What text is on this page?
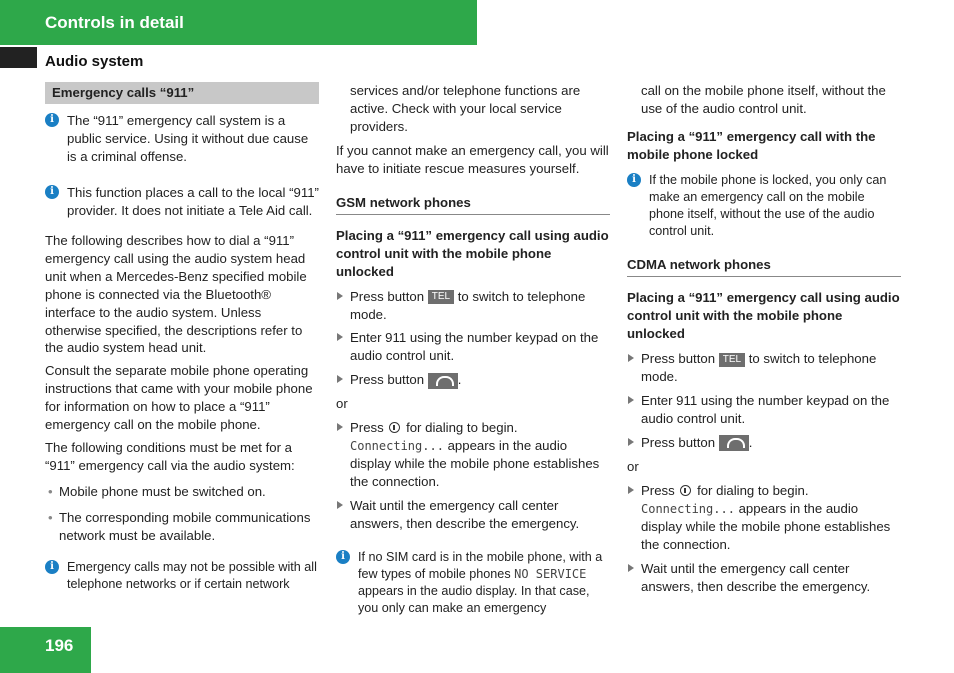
Controls in detail
Audio system
Emergency calls “911”
i The “911” emergency call system is a public service. Using it without due cause is a criminal offense.
i This function places a call to the local “911” provider. It does not initiate a Tele Aid call.
The following describes how to dial a “911” emergency call using the audio system head unit when a Mercedes-Benz specified mobile phone is connected via the Bluetooth® interface to the audio system. Unless otherwise specified, the descriptions refer to the audio system head unit.
Consult the separate mobile phone operating instructions that came with your mobile phone for information on how to place a “911” emergency call on the mobile phone.
The following conditions must be met for a “911” emergency call via the audio system:
• Mobile phone must be switched on.
• The corresponding mobile communications network must be available.
i	Emergency calls may not be possible with all telephone networks or if certain network
services and/or telephone functions are active. Check with your local service providers.
If you cannot make an emergency call, you will have to initiate rescue measures yourself.
GSM network phones
Placing a “911” emergency call using audio control unit with the mobile phone unlocked
Press button TEL to switch to telephone mode.
Enter 911 using the number keypad on the audio control unit.
Press button	.
or
Press for dialing to begin.
Connecting... appears in the audio display while the mobile phone establishes the connection.
Wait until the emergency call center answers, then describe the emergency.
i	If no SIM card is in the mobile phone, with a few types of mobile phones NO SERVICE appears in the audio display. In that case, you only can make an emergency
call on the mobile phone itself, without the use of the audio control unit.
Placing a “911” emergency call with the mobile phone locked
i	If the mobile phone is locked, you only can make an emergency call on the mobile phone itself, without the use of the audio control unit.
CDMA network phones
Placing a “911” emergency call using audio control unit with the mobile phone unlocked
Press button TEL to switch to telephone mode.
Enter 911 using the number keypad on the audio control unit.
Press button	.
or
Press for dialing to begin.
Connecting... appears in the audio display while the mobile phone establishes the connection.
Wait until the emergency call center answers, then describe the emergency.
196
